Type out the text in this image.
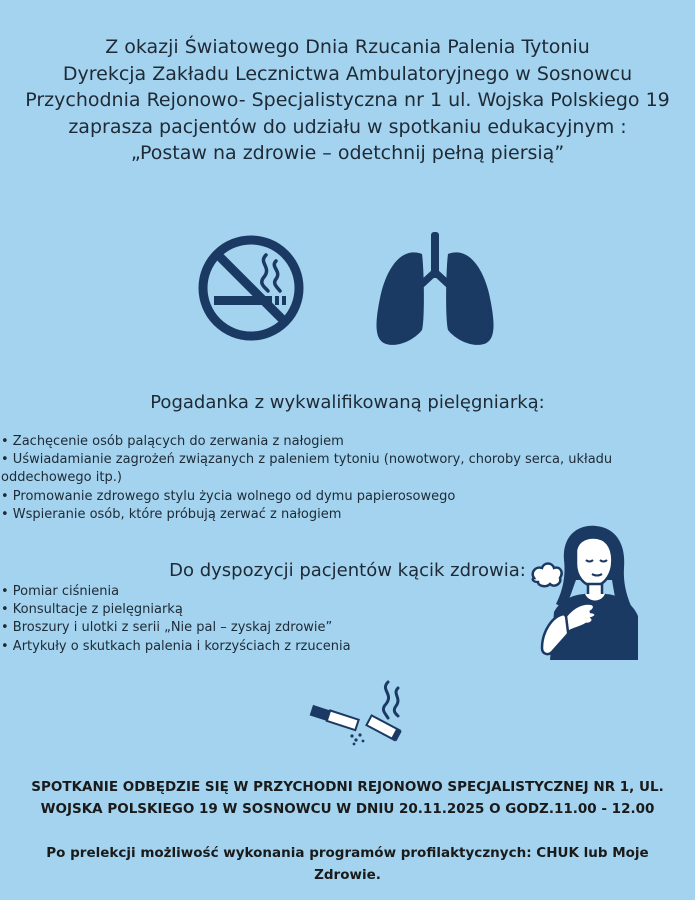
Z okazji Światowego Dnia Rzucania Palenia Tytoniu
Dyrekcja Zakładu Lecznictwa Ambulatoryjnego w Sosnowcu
Przychodnia Rejonowo- Specjalistyczna nr 1 ul. Wojska Polskiego 19
zaprasza pacjentów do udziału w spotkaniu edukacyjnym :
„Postaw na zdrowie – odetchnij pełną piersią”
Pogadanka z wykwalifikowaną pielęgniarką:
• Zachęcenie osób palących do zerwania z nałogiem
• Uświadamianie zagrożeń związanych z paleniem tytoniu (nowotwory, choroby serca, układu
oddechowego itp.)
• Promowanie zdrowego stylu życia wolnego od dymu papierosowego
• Wspieranie osób, które próbują zerwać z nałogiem
Do dyspozycji pacjentów kącik zdrowia:
• Pomiar ciśnienia
• Konsultacje z pielęgniarką
• Broszury i ulotki z serii „Nie pal – zyskaj zdrowie”
• Artykuły o skutkach palenia i korzyściach z rzucenia
SPOTKANIE ODBĘDZIE SIĘ W PRZYCHODNI REJONOWO SPECJALISTYCZNEJ NR 1, UL.
WOJSKA POLSKIEGO 19 W SOSNOWCU W DNIU 20.11.2025 O GODZ.11.00 - 12.00
Po prelekcji możliwość wykonania programów profilaktycznych: CHUK lub Moje
Zdrowie.
